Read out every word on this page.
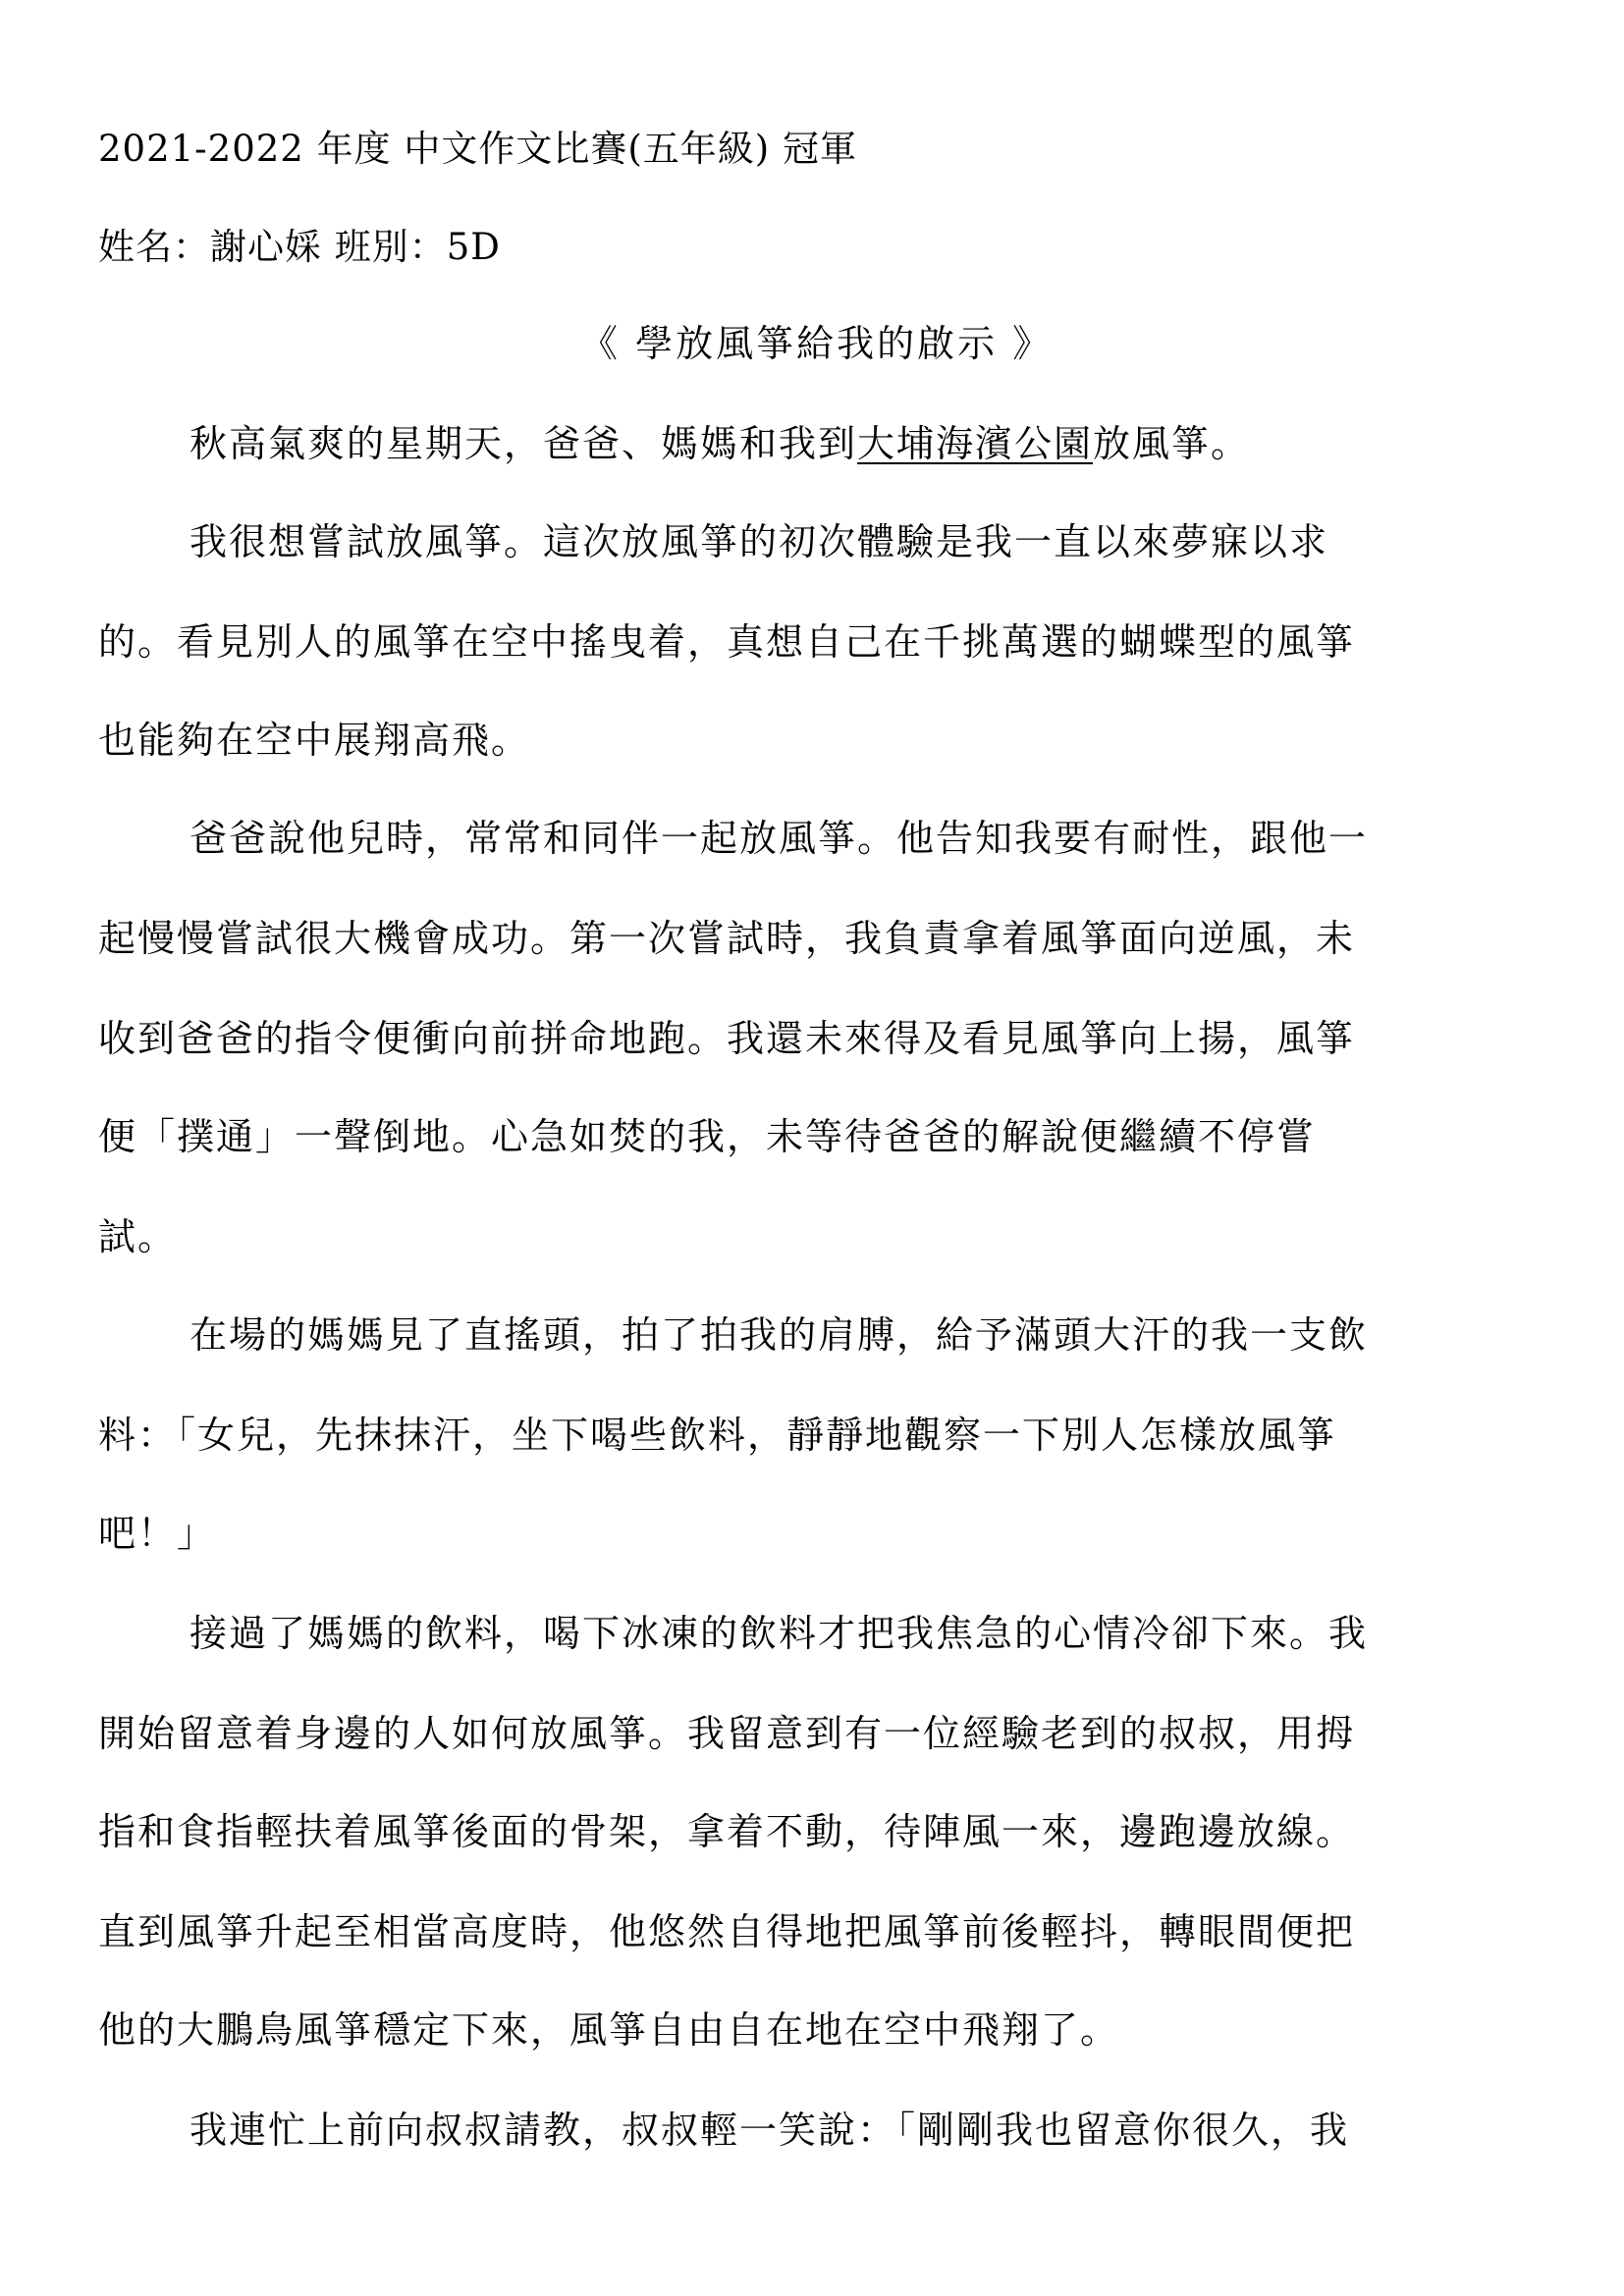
2021-2022 年度 中文作文比賽(五年級) 冠軍
姓名：謝心婇 班別：5D
《 學放風箏給我的啟示 》
秋高氣爽的星期天，爸爸、媽媽和我到大埔海濱公園放風箏。
我很想嘗試放風箏。這次放風箏的初次體驗是我一直以來夢寐以求
的。看見別人的風箏在空中搖曳着，真想自己在千挑萬選的蝴蝶型的風箏
也能夠在空中展翔高飛。
爸爸說他兒時，常常和同伴一起放風箏。他告知我要有耐性，跟他一
起慢慢嘗試很大機會成功。第一次嘗試時，我負責拿着風箏面向逆風，未
收到爸爸的指令便衝向前拼命地跑。我還未來得及看見風箏向上揚，風箏
便「撲通」一聲倒地。心急如焚的我，未等待爸爸的解說便繼續不停嘗
試。
在場的媽媽見了直搖頭，拍了拍我的肩膊，給予滿頭大汗的我一支飲
料：「女兒，先抹抹汗，坐下喝些飲料，靜靜地觀察一下別人怎樣放風箏
吧！」
接過了媽媽的飲料，喝下冰凍的飲料才把我焦急的心情冷卻下來。我
開始留意着身邊的人如何放風箏。我留意到有一位經驗老到的叔叔，用拇
指和食指輕扶着風箏後面的骨架，拿着不動，待陣風一來，邊跑邊放線。
直到風箏升起至相當高度時，他悠然自得地把風箏前後輕抖，轉眼間便把
他的大鵬鳥風箏穩定下來，風箏自由自在地在空中飛翔了。
我連忙上前向叔叔請教，叔叔輕一笑說：「剛剛我也留意你很久，我
